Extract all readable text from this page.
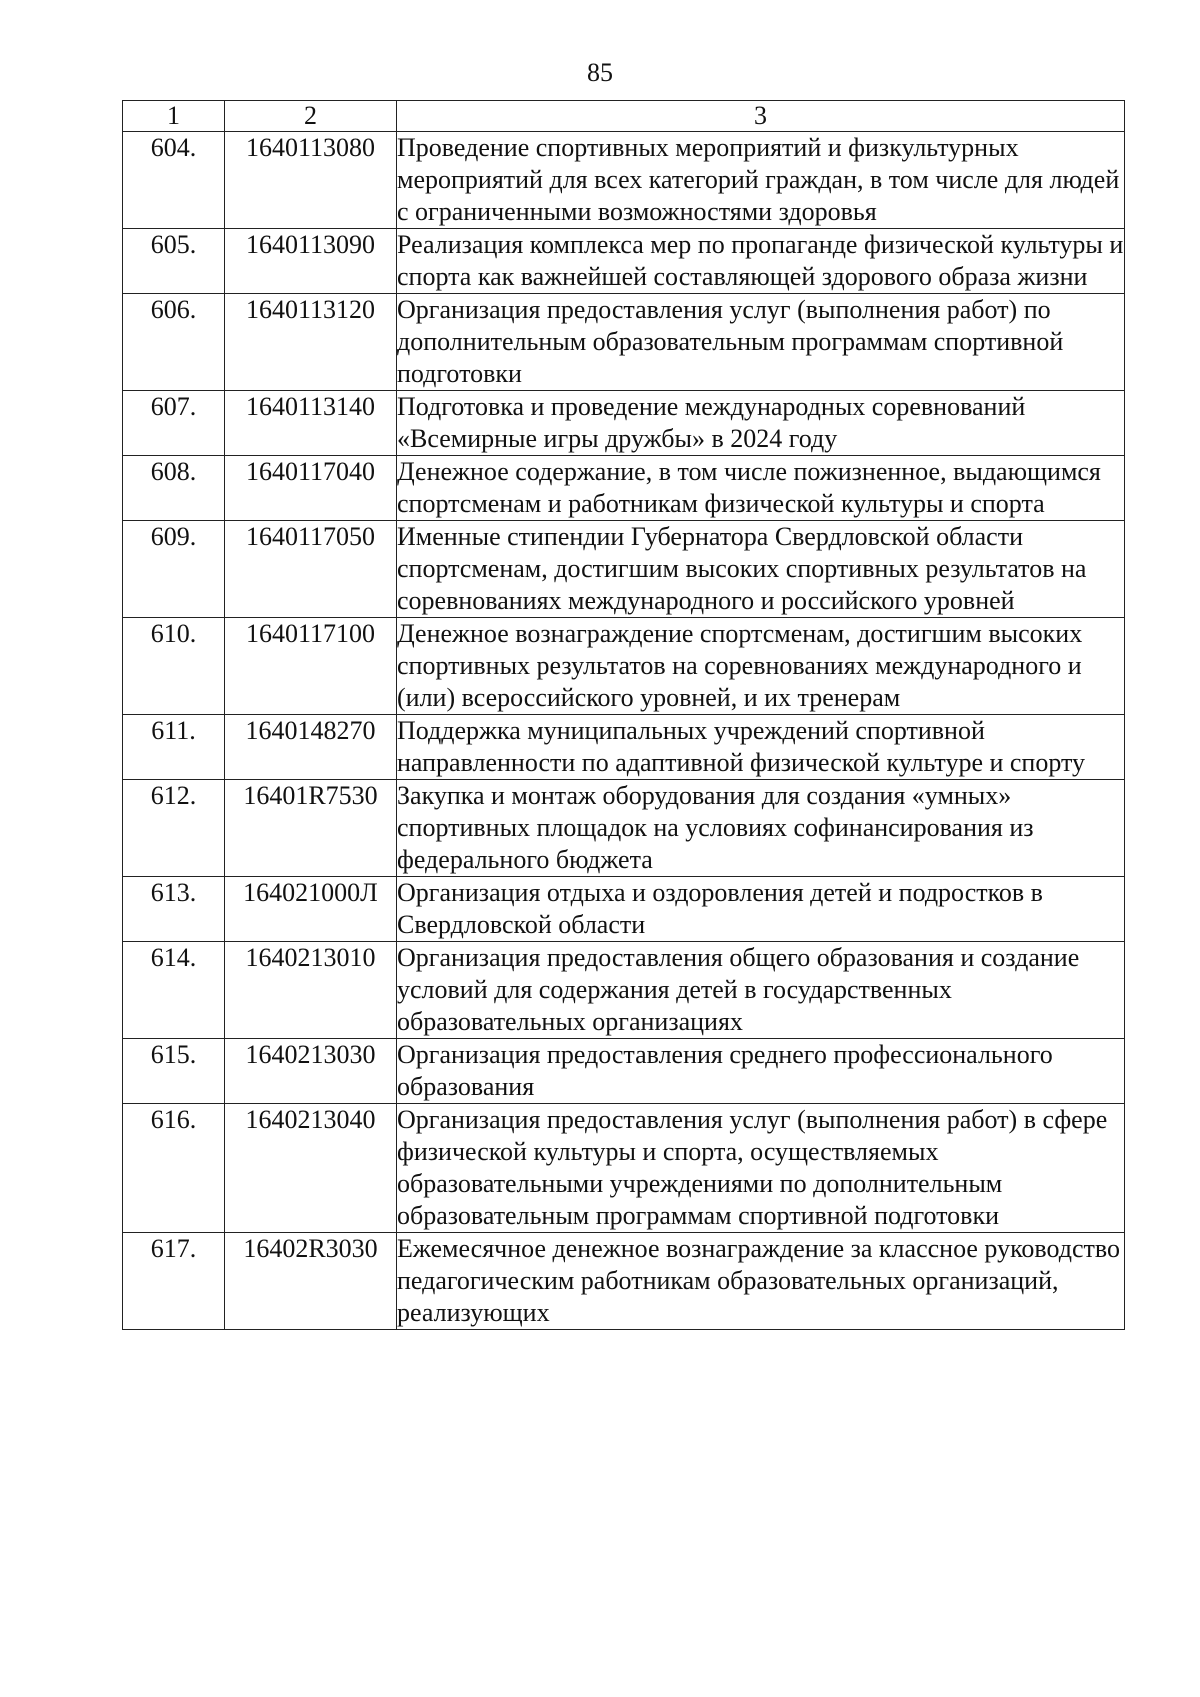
85
1	2	3
604.	1640113080	Проведение спортивных мероприятий и физкультурных мероприятий для всех категорий граждан, в том числе для людей с ограниченными возможностями здоровья
605.	1640113090	Реализация комплекса мер по пропаганде физической культуры и спорта как важнейшей составляющей здорового образа жизни
606.	1640113120	Организация предоставления услуг (выполнения работ) по дополнительным образовательным программам спортивной подготовки
607.	1640113140	Подготовка и проведение международных соревнований «Всемирные игры дружбы» в 2024 году
608.	1640117040	Денежное содержание, в том числе пожизненное, выдающимся спортсменам и работникам физической культуры и спорта
609.	1640117050	Именные стипендии Губернатора Свердловской области спортсменам, достигшим высоких спортивных результатов на соревнованиях международного и российского уровней
610.	1640117100	Денежное вознаграждение спортсменам, достигшим высоких спортивных результатов на соревнованиях международного и (или) всероссийского уровней, и их тренерам
611.	1640148270	Поддержка муниципальных учреждений спортивной направленности по адаптивной физической культуре и спорту
612.	16401R7530	Закупка и монтаж оборудования для создания «умных» спортивных площадок на условиях софинансирования из федерального бюджета
613.	164021000Л	Организация отдыха и оздоровления детей и подростков в Свердловской области
614.	1640213010	Организация предоставления общего образования и создание условий для содержания детей в государственных образовательных организациях
615.	1640213030	Организация предоставления среднего профессионального образования
616.	1640213040	Организация предоставления услуг (выполнения работ) в сфере физической культуры и спорта, осуществляемых образовательными учреждениями по дополнительным образовательным программам спортивной подготовки
617.	16402R3030	Ежемесячное денежное вознаграждение за классное руководство педагогическим работникам образовательных организаций, реализующих
